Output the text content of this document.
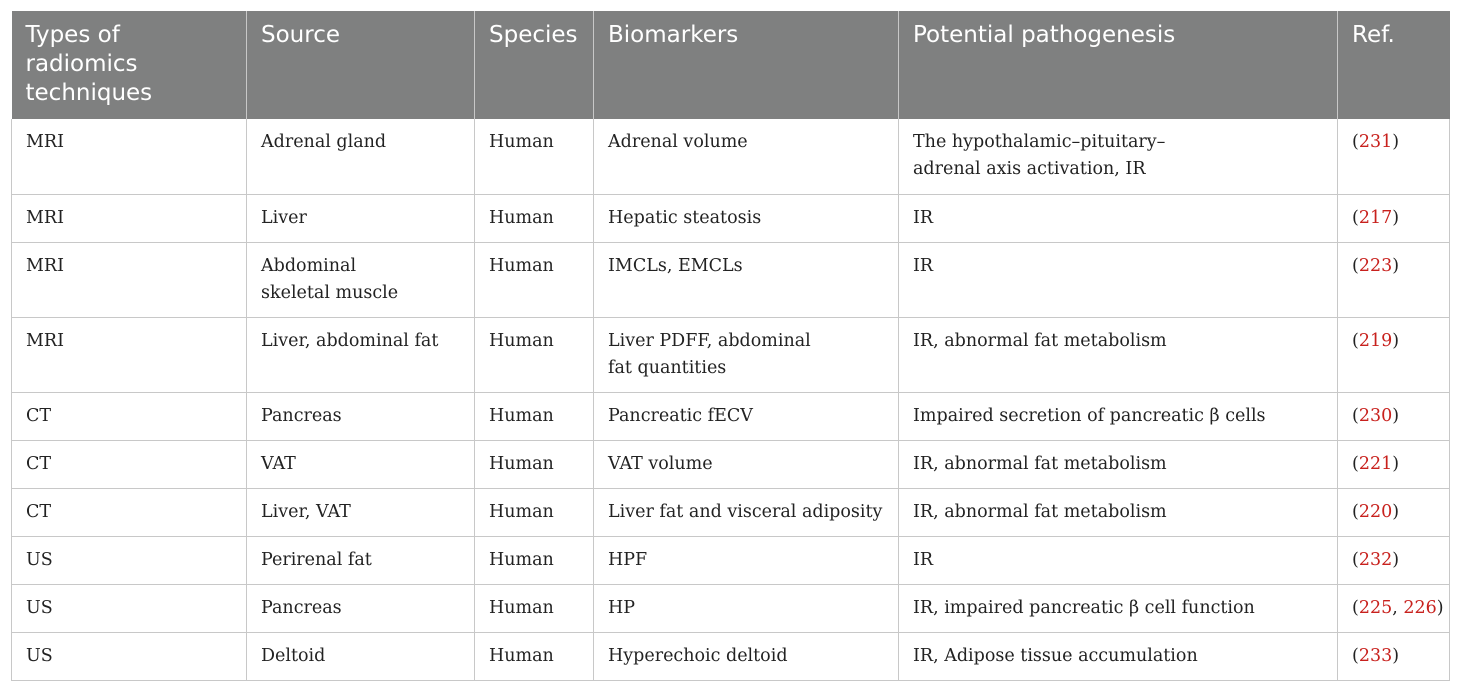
Types of radiomics techniques	Source	Species	Biomarkers	Potential pathogenesis	Ref.
MRI	Adrenal gland	Human	Adrenal volume	The hypothalamic–pituitary–adrenal axis activation, IR	(231)
MRI	Liver	Human	Hepatic steatosis	IR	(217)
MRI	Abdominal skeletal muscle	Human	IMCLs, EMCLs	IR	(223)
MRI	Liver, abdominal fat	Human	Liver PDFF, abdominal fat quantities	IR, abnormal fat metabolism	(219)
CT	Pancreas	Human	Pancreatic fECV	Impaired secretion of pancreatic β cells	(230)
CT	VAT	Human	VAT volume	IR, abnormal fat metabolism	(221)
CT	Liver, VAT	Human	Liver fat and visceral adiposity	IR, abnormal fat metabolism	(220)
US	Perirenal fat	Human	HPF	IR	(232)
US	Pancreas	Human	HP	IR, impaired pancreatic β cell function	(225, 226)
US	Deltoid	Human	Hyperechoic deltoid	IR, Adipose tissue accumulation	(233)
